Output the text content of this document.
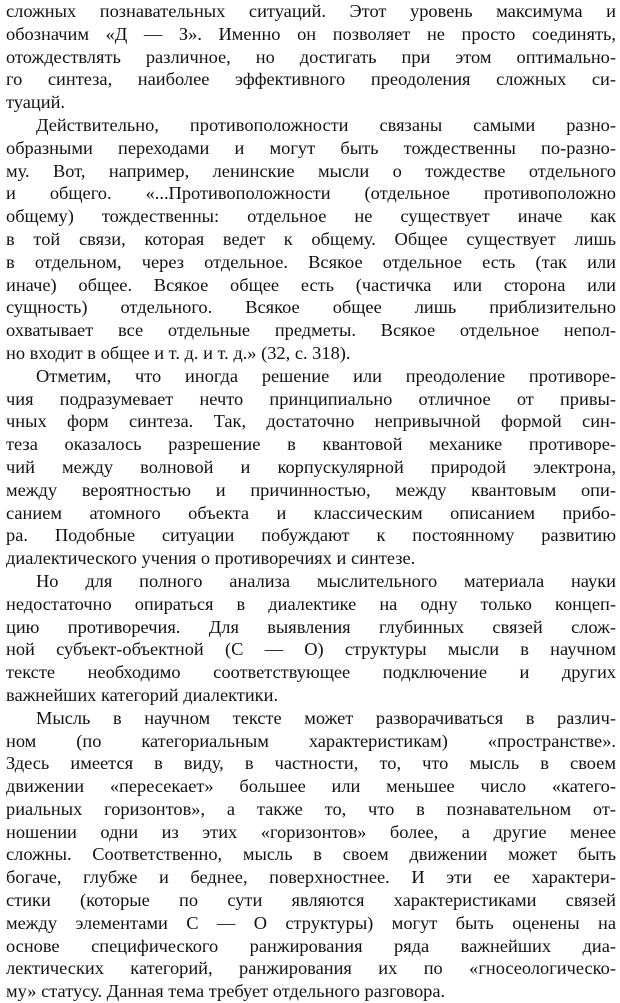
сложных познавательных ситуаций. Этот уровень максимума и
обозначим «Д — З». Именно он позволяет не просто соединять,
отождествлять различное, но достигать при этом оптимально-
го синтеза, наиболее эффективного преодоления сложных си-
туаций.
Действительно, противоположности связаны самыми разно-
образными переходами и могут быть тождественны по-разно-
му. Вот, например, ленинские мысли о тождестве отдельного
и общего. «...Противоположности (отдельное противоположно
общему) тождественны: отдельное не существует иначе как
в той связи, которая ведет к общему. Общее существует лишь
в отдельном, через отдельное. Всякое отдельное есть (так или
иначе) общее. Всякое общее есть (частичка или сторона или
сущность) отдельного. Всякое общее лишь приблизительно
охватывает все отдельные предметы. Всякое отдельное непол-
но входит в общее и т. д. и т. д.» (32, с. 318).
Отметим, что иногда решение или преодоление противоре-
чия подразумевает нечто принципиально отличное от привы-
чных форм синтеза. Так, достаточно непривычной формой син-
теза оказалось разрешение в квантовой механике противоре-
чий между волновой и корпускулярной природой электрона,
между вероятностью и причинностью, между квантовым опи-
санием атомного объекта и классическим описанием прибо-
ра. Подобные ситуации побуждают к постоянному развитию
диалектического учения о противоречиях и синтезе.
Но для полного анализа мыслительного материала науки
недостаточно опираться в диалектике на одну только концеп-
цию противоречия. Для выявления глубинных связей слож-
ной субъект-объектной (С — О) структуры мысли в научном
тексте необходимо соответствующее подключение и других
важнейших категорий диалектики.
Мысль в научном тексте может разворачиваться в различ-
ном (по категориальным характеристикам) «пространстве».
Здесь имеется в виду, в частности, то, что мысль в своем
движении «пересекает» большее или меньшее число «катего-
риальных горизонтов», а также то, что в познавательном от-
ношении одни из этих «горизонтов» более, а другие менее
сложны. Соответственно, мысль в своем движении может быть
богаче, глубже и беднее, поверхностнее. И эти ее характери-
стики (которые по сути являются характеристиками связей
между элементами С — О структуры) могут быть оценены на
основе специфического ранжирования ряда важнейших диа-
лектических категорий, ранжирования их по «гносеологическо-
му» статусу. Данная тема требует отдельного разговора.
